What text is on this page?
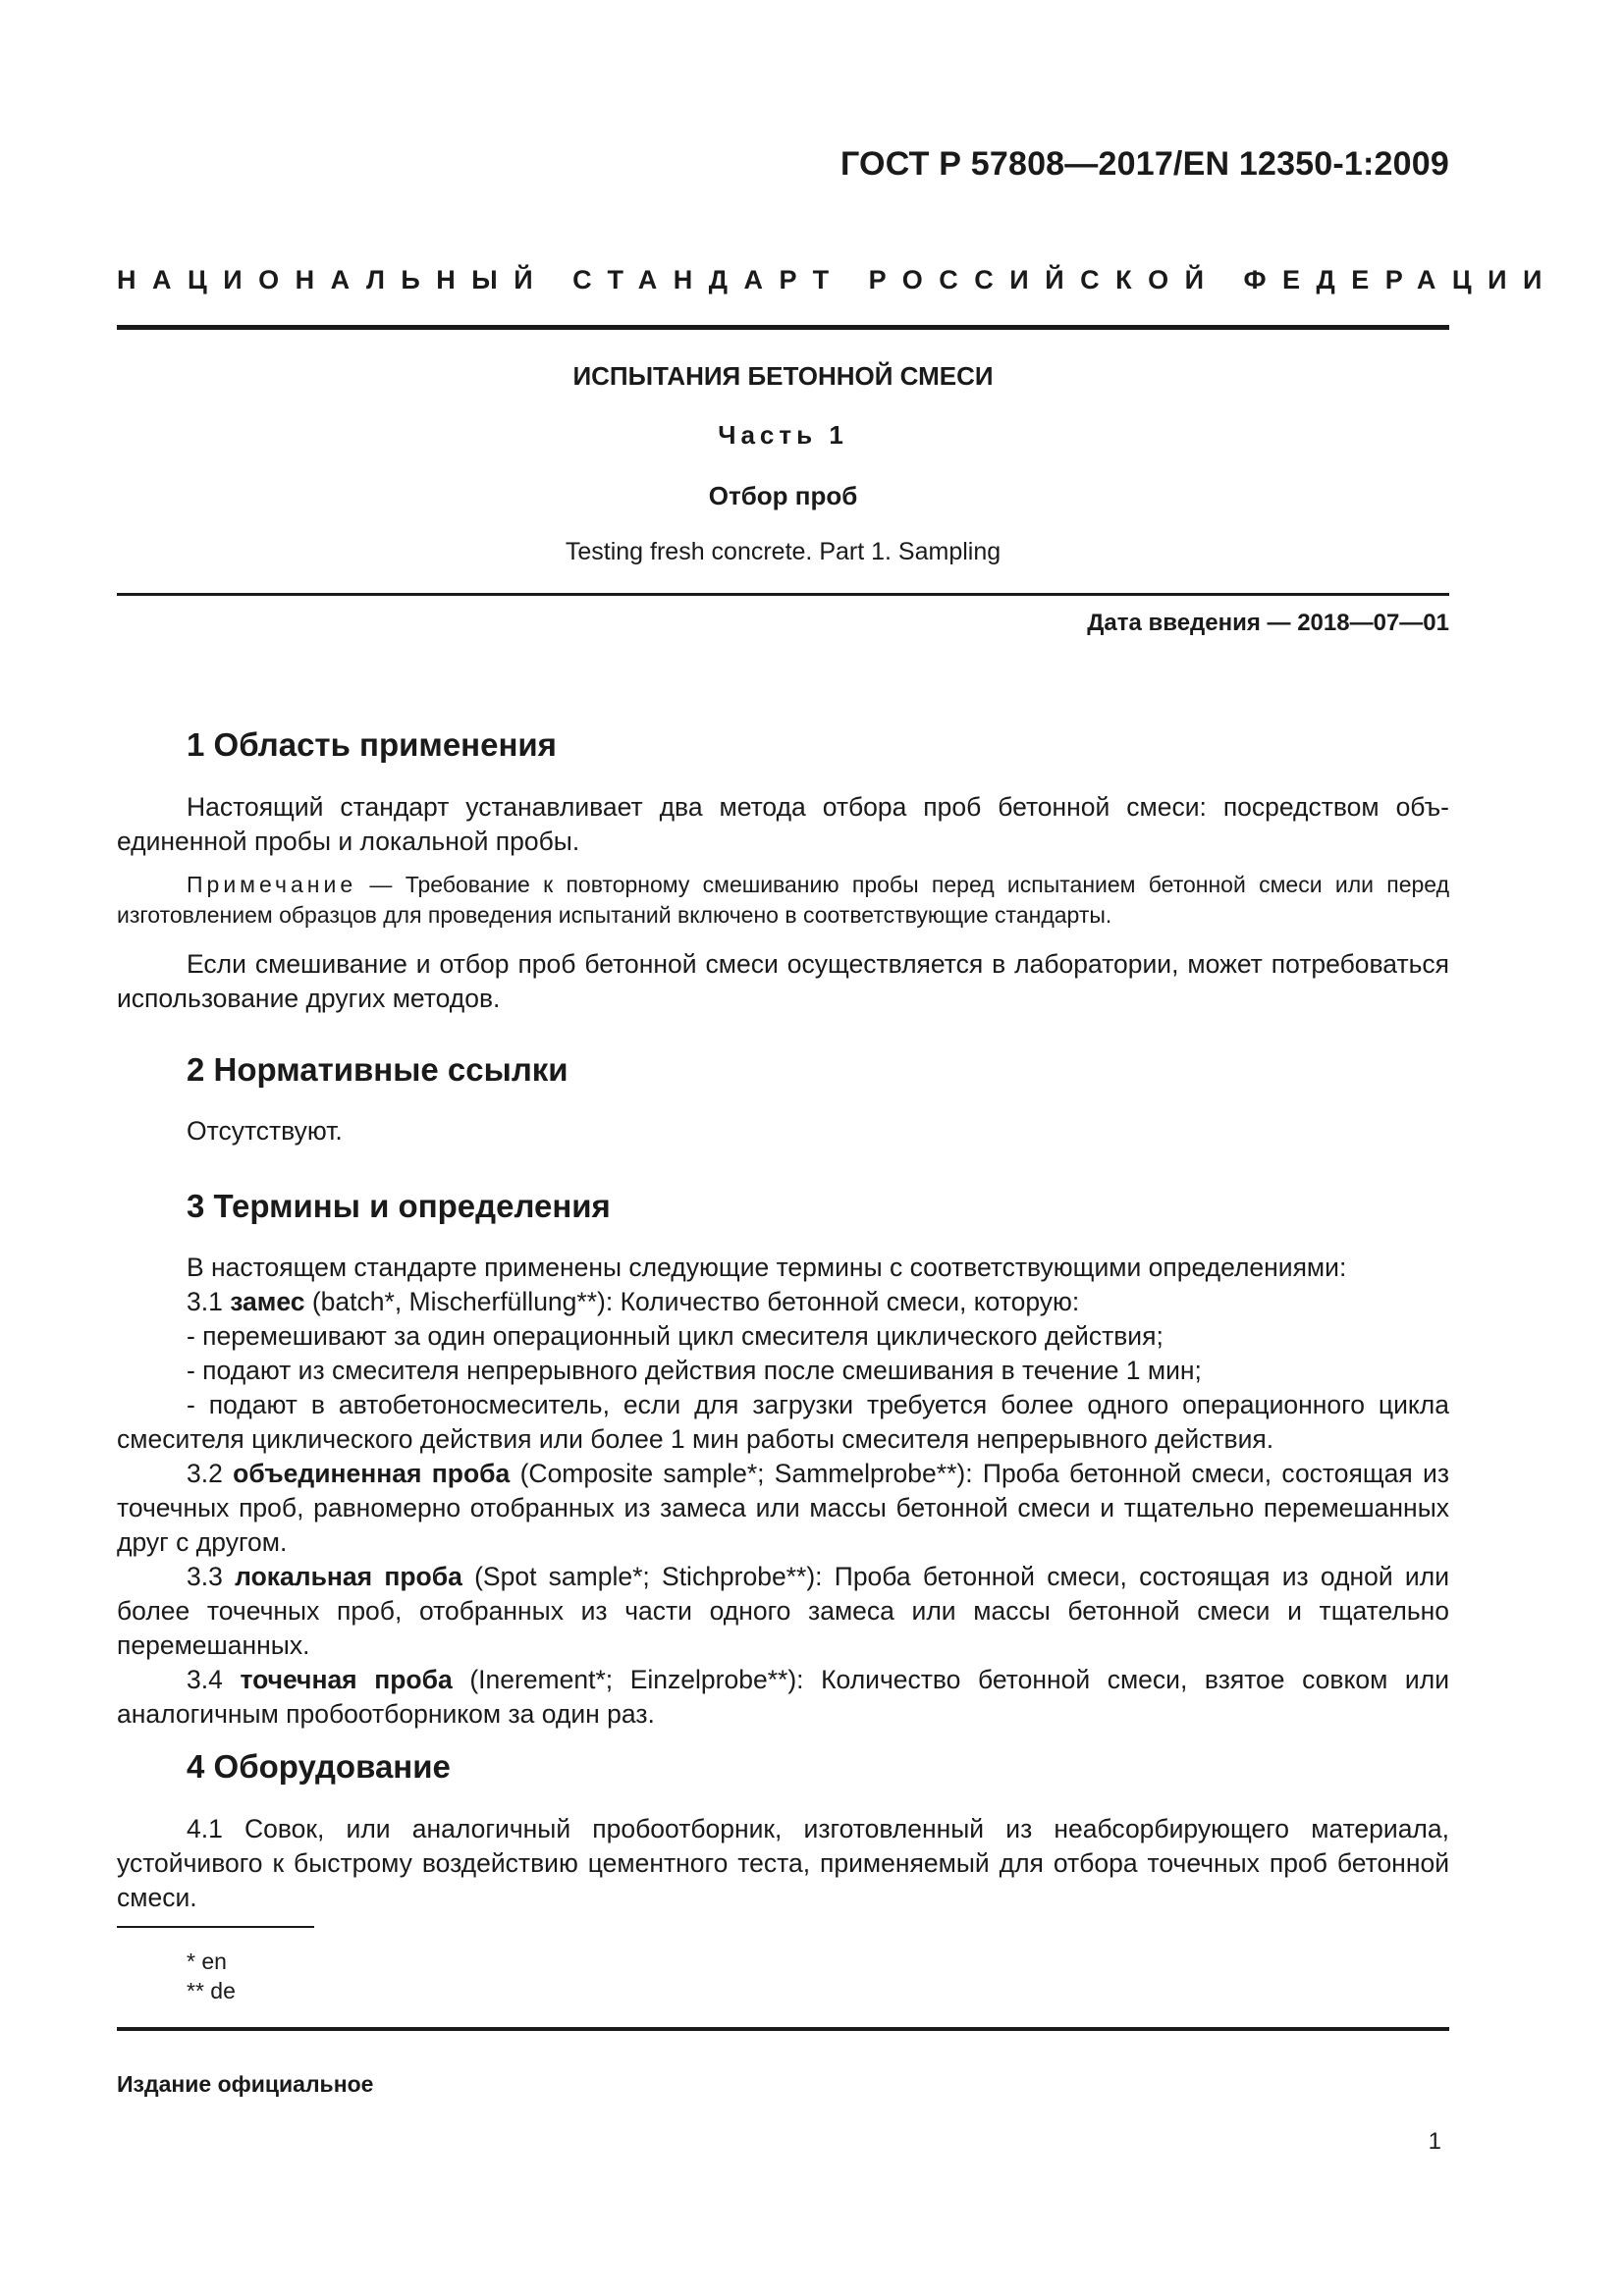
ГОСТ Р 57808—2017/EN 12350-1:2009
НАЦИОНАЛЬНЫЙ СТАНДАРТ РОССИЙСКОЙ ФЕДЕРАЦИИ
ИСПЫТАНИЯ БЕТОННОЙ СМЕСИ
Часть 1
Отбор проб
Testing fresh concrete. Part 1. Sampling
Дата введения — 2018—07—01
1 Область применения
Настоящий стандарт устанавливает два метода отбора проб бетонной смеси: посредством объединенной пробы и локальной пробы.
Примечание — Требование к повторному смешиванию пробы перед испытанием бетонной смеси или перед изготовлением образцов для проведения испытаний включено в соответствующие стандарты.
Если смешивание и отбор проб бетонной смеси осуществляется в лаборатории, может потребоваться использование других методов.
2 Нормативные ссылки
Отсутствуют.
3 Термины и определения
В настоящем стандарте применены следующие термины с соответствующими определениями:
3.1 замес (batch*, Mischerfüllung**): Количество бетонной смеси, которую:
- перемешивают за один операционный цикл смесителя циклического действия;
- подают из смесителя непрерывного действия после смешивания в течение 1 мин;
- подают в автобетоносмеситель, если для загрузки требуется более одного операционного цикла смесителя циклического действия или более 1 мин работы смесителя непрерывного действия.
3.2 объединенная проба (Composite sample*; Sammelprobe**): Проба бетонной смеси, состоящая из точечных проб, равномерно отобранных из замеса или массы бетонной смеси и тщательно перемешанных друг с другом.
3.3 локальная проба (Spot sample*; Stichprobe**): Проба бетонной смеси, состоящая из одной или более точечных проб, отобранных из части одного замеса или массы бетонной смеси и тщательно перемешанных.
3.4 точечная проба (Inerement*; Einzelprobe**): Количество бетонной смеси, взятое совком или аналогичным пробоотборником за один раз.
4 Оборудование
4.1 Совок, или аналогичный пробоотборник, изготовленный из неабсорбирующего материала, устойчивого к быстрому воздействию цементного теста, применяемый для отбора точечных проб бетонной смеси.
* en
** de
Издание официальное
1
